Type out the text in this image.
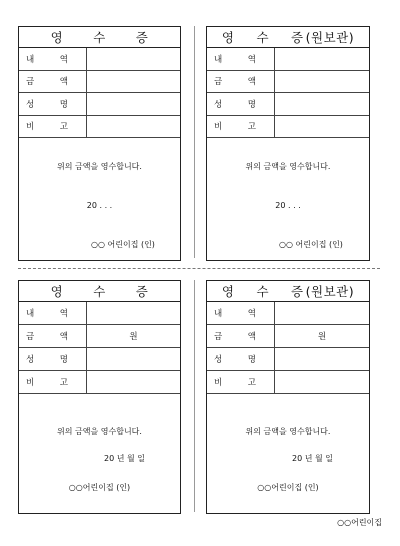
영 수 증
내	역
금	액
성	명
비	고
위의 금액을 영수합니다.
20 . . .
○○ 어린이집 (인)
영 수 증 (원보관)
내	역
금	액
성	명
비	고
위의 금액을 영수합니다.
20 . . .
○○ 어린이집 (인)
영 수 증
내	역
금	액	원
성	명
비	고
위의 금액을 영수합니다.
20 년 월 일
○○어린이집 (인)
영 수 증 (원보관)
내	역
금	액	원
성	명
비	고
위의 금액을 영수합니다.
20 년 월 일
○○어린이집 (인)
○○어린이집
